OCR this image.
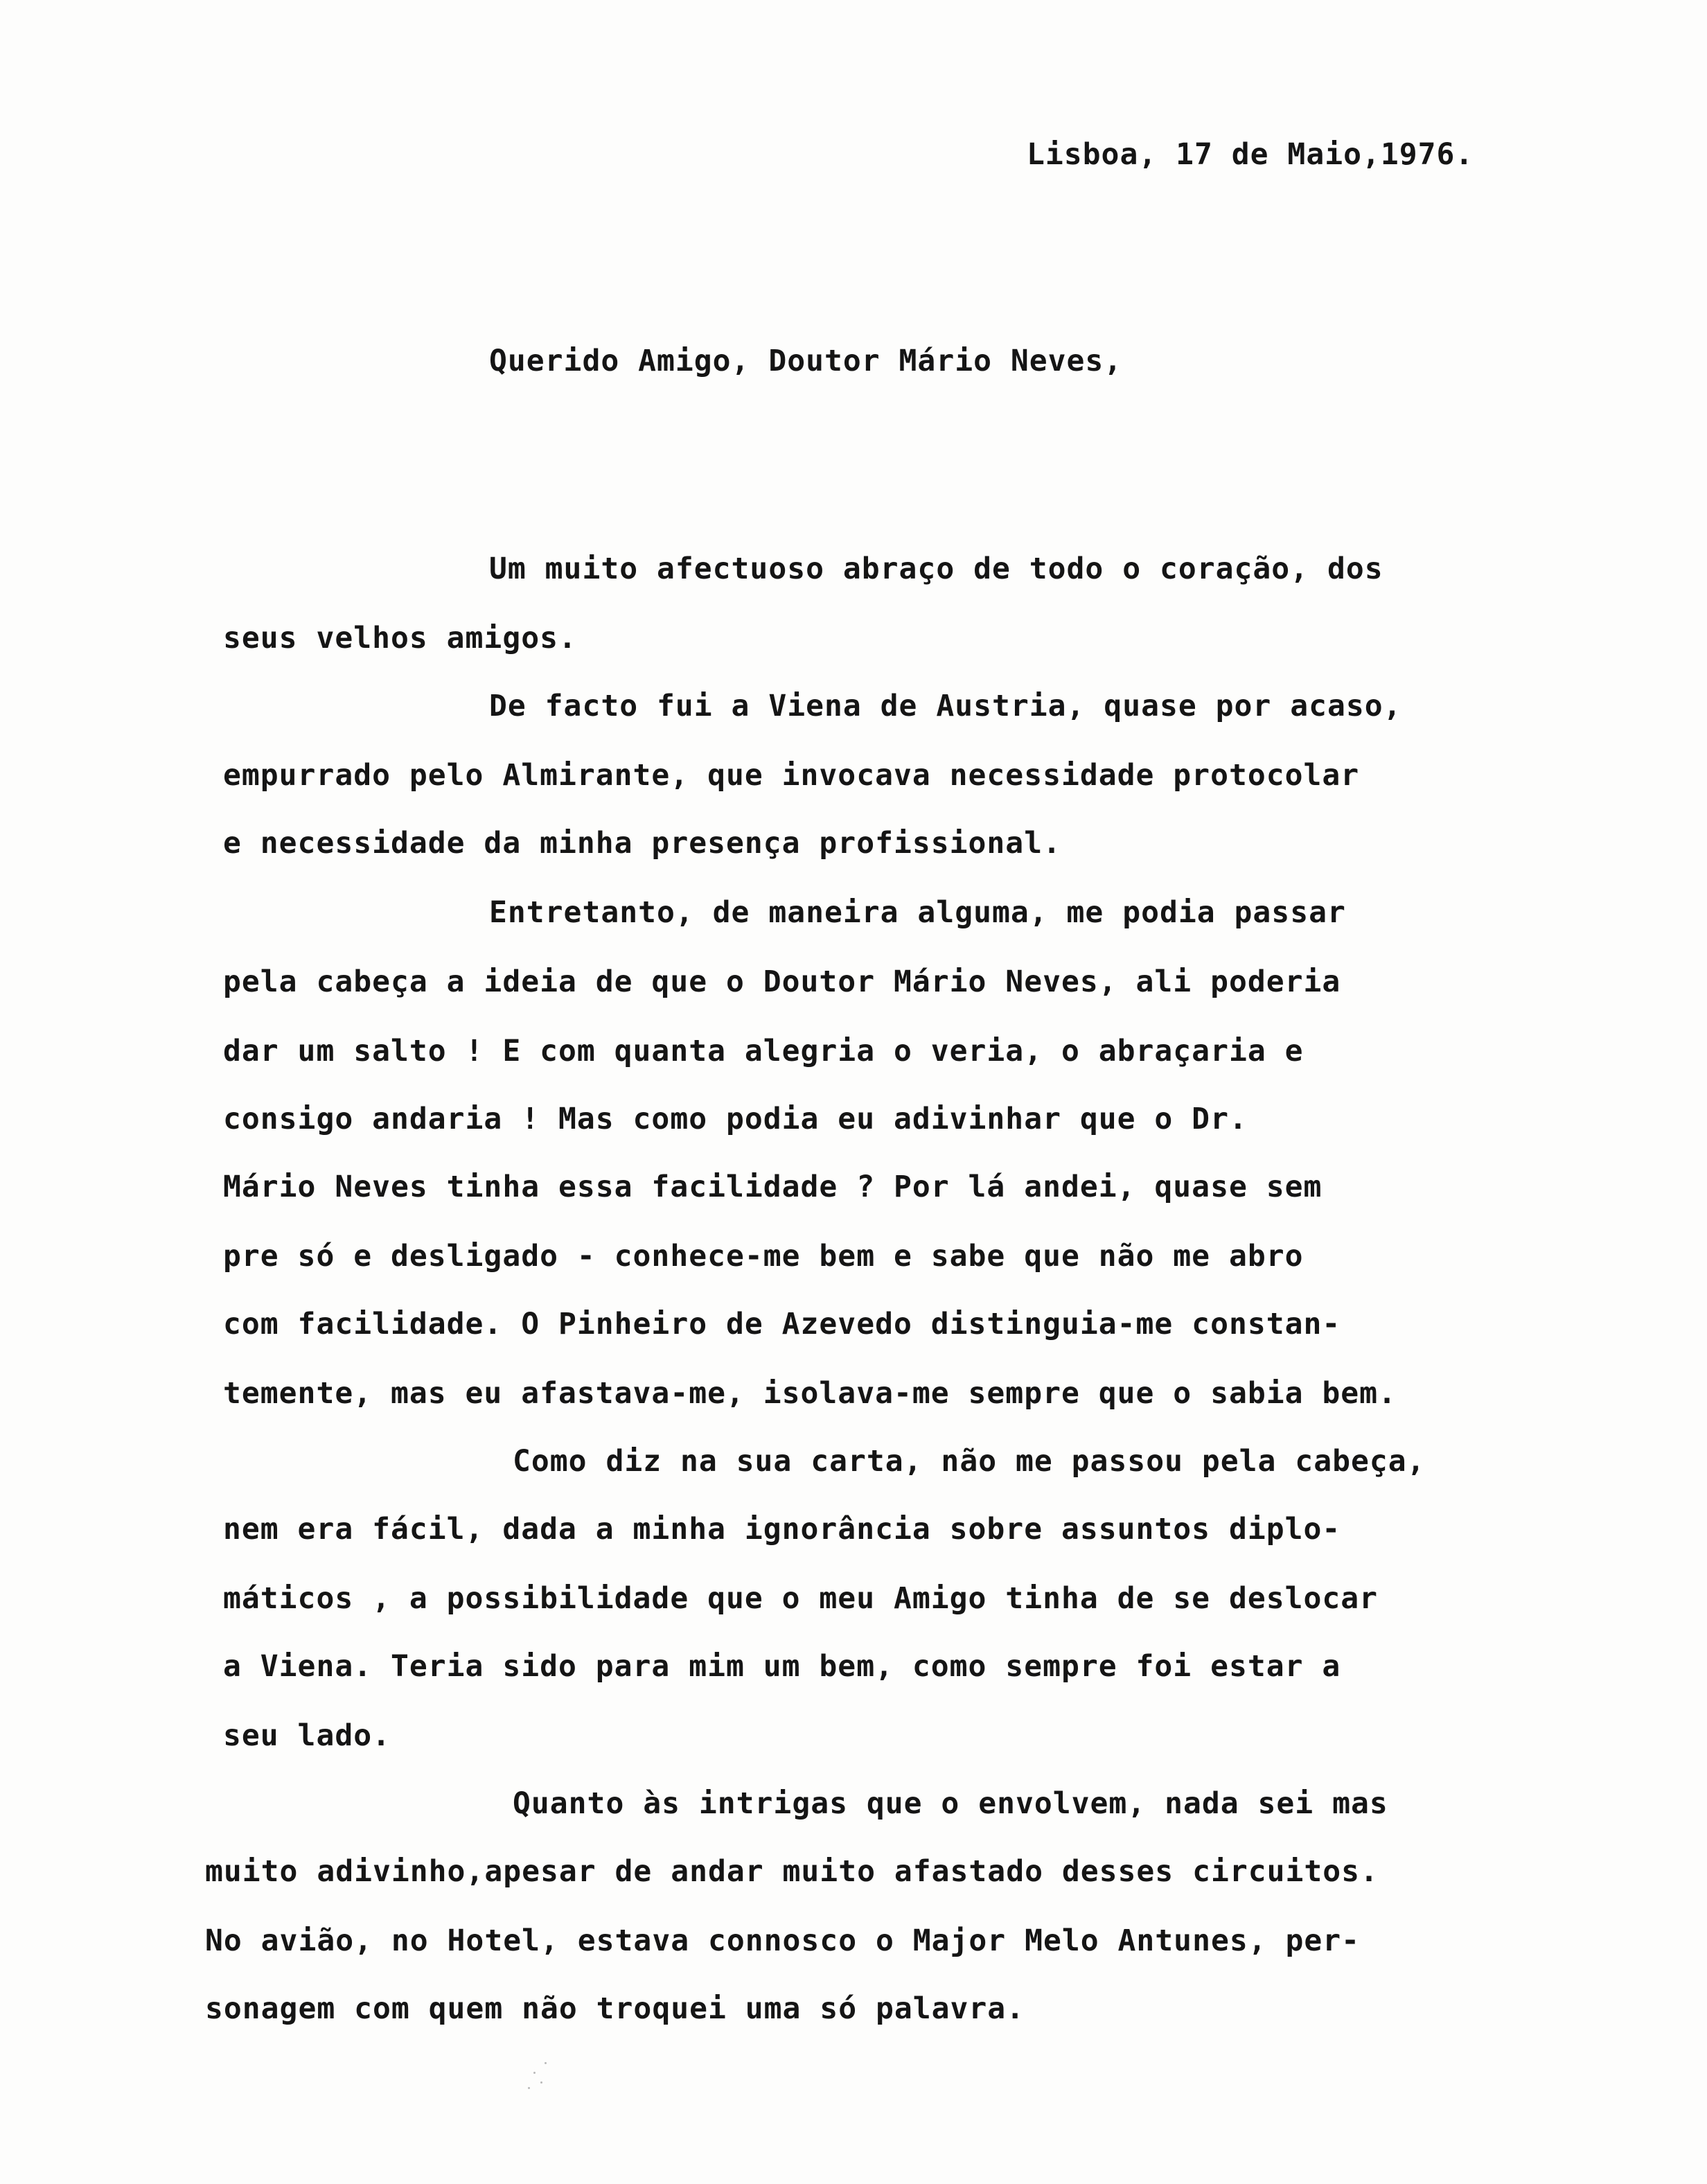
Lisboa, 17 de Maio,1976.

Querido Amigo, Doutor Mário Neves,

Um muito afectuoso abraço de todo o coração, dos

seus velhos amigos.

De facto fui a Viena de Austria, quase por acaso,

empurrado pelo Almirante, que invocava necessidade protocolar

e necessidade da minha presença profissional.

Entretanto, de maneira alguma, me podia passar

pela cabeça a ideia de que o Doutor Mário Neves, ali poderia

dar um salto ! E com quanta alegria o veria, o abraçaria e

consigo andaria ! Mas como podia eu adivinhar que o Dr.

Mário Neves tinha essa facilidade ? Por lá andei, quase sem

pre só e desligado - conhece-me bem e sabe que não me abro

com facilidade. O Pinheiro de Azevedo distinguia-me constan-

temente, mas eu afastava-me, isolava-me sempre que o sabia bem.

Como diz na sua carta, não me passou pela cabeça,

nem era fácil, dada a minha ignorância sobre assuntos diplo-

máticos , a possibilidade que o meu Amigo tinha de se deslocar

a Viena. Teria sido para mim um bem, como sempre foi estar a

seu lado.

Quanto às intrigas que o envolvem, nada sei mas

muito adivinho,apesar de andar muito afastado desses circuitos.

No avião, no Hotel, estava connosco o Major Melo Antunes, per-

sonagem com quem não troquei uma só palavra.
